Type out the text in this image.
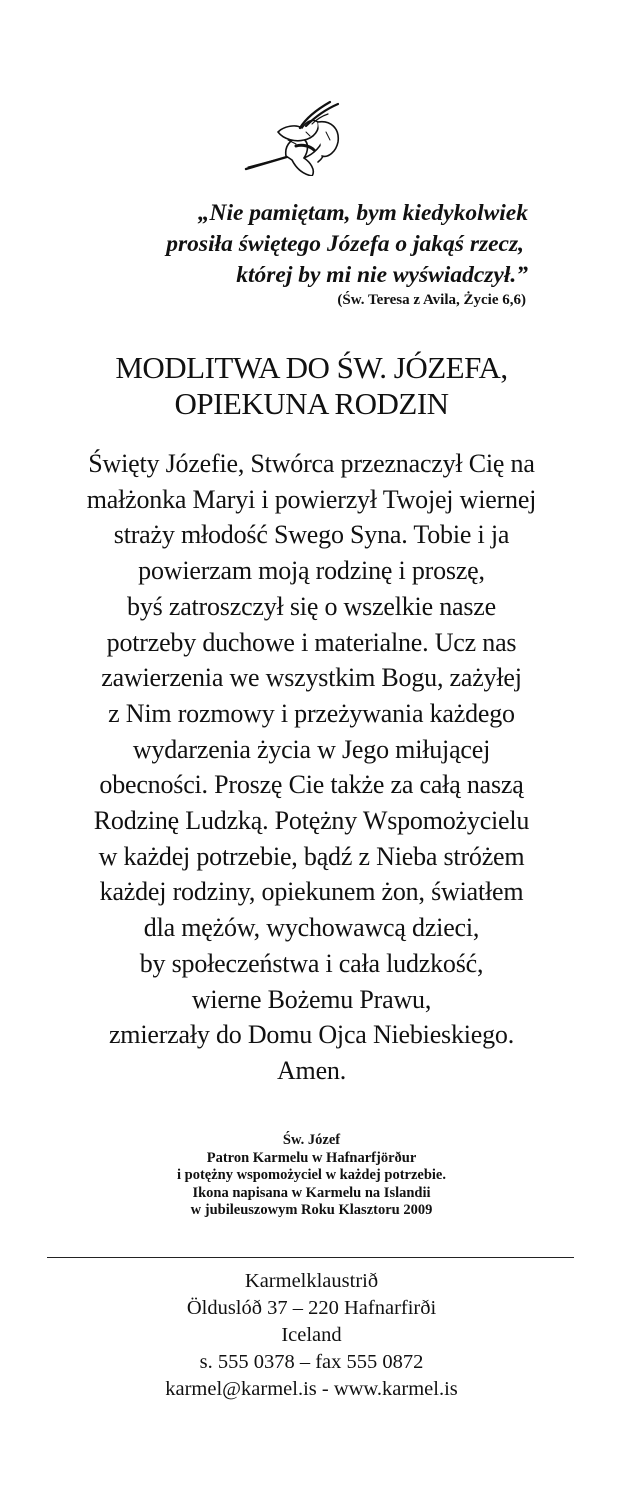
„Nie pamiętam, bym kiedykolwiek
prosiła świętego Józefa o jakąś rzecz,
której by mi nie wyświadczył.”
(Św. Teresa z Avila, Życie 6,6)
MODLITWA DO ŚW. JÓZEFA,
OPIEKUNA RODZIN
Święty Józefie, Stwórca przeznaczył Cię na
małżonka Maryi i powierzył Twojej wiernej
straży młodość Swego Syna. Tobie i ja
powierzam moją rodzinę i proszę,
byś zatroszczył się o wszelkie nasze
potrzeby duchowe i materialne. Ucz nas
zawierzenia we wszystkim Bogu, zażyłej
z Nim rozmowy i przeżywania każdego
wydarzenia życia w Jego miłującej
obecności. Proszę Cie także za całą naszą
Rodzinę Ludzką. Potężny Wspomożycielu
w każdej potrzebie, bądź z Nieba stróżem
każdej rodziny, opiekunem żon, światłem
dla mężów, wychowawcą dzieci,
by społeczeństwa i cała ludzkość,
wierne Bożemu Prawu,
zmierzały do Domu Ojca Niebieskiego.
Amen.
Św. Józef
Patron Karmelu w Hafnarfjörður
i potężny wspomożyciel w każdej potrzebie.
Ikona napisana w Karmelu na Islandii
w jubileuszowym Roku Klasztoru 2009
Karmelklaustrið
Ölduslóð 37 – 220 Hafnarfirði
Iceland
s. 555 0378 – fax 555 0872
karmel@karmel.is - www.karmel.is
